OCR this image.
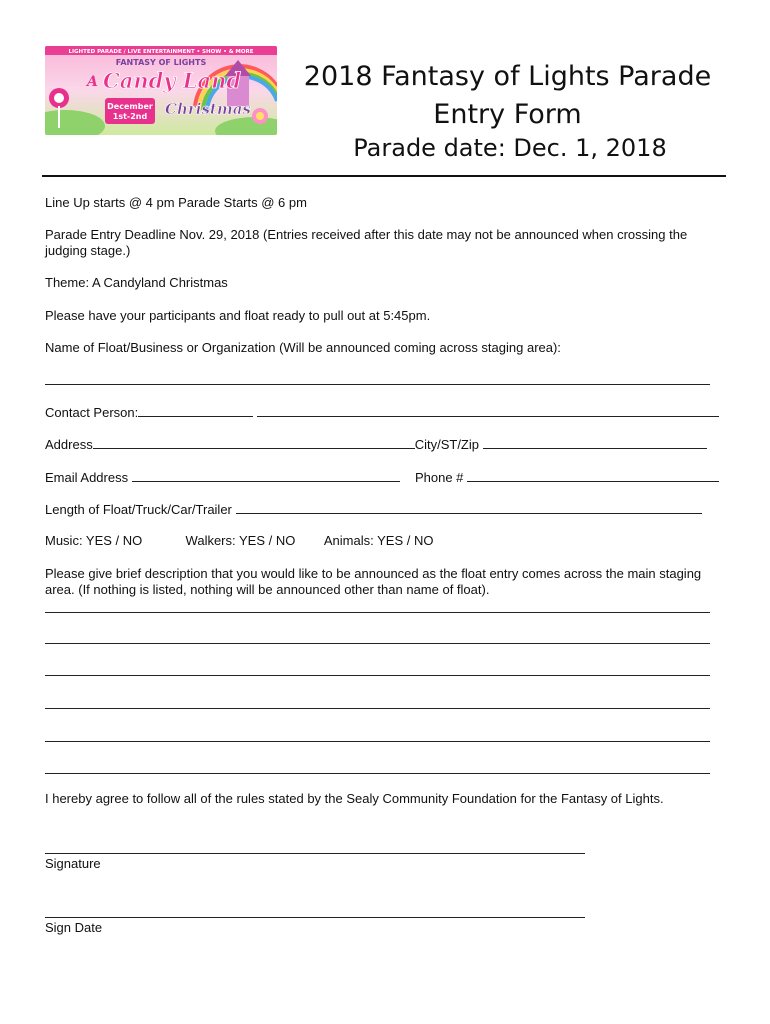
LIGHTED PARADE / LIVE ENTERTAINMENT • SHOW • & MORE
FANTASY OF LIGHTS
A Candy Land
December
1st-2nd Christmas
2018 Fantasy of Lights Parade
Entry Form
Parade date: Dec. 1, 2018
Line Up starts @ 4 pm Parade Starts @ 6 pm
Parade Entry Deadline Nov. 29, 2018 (Entries received after this date may not be announced when crossing the judging stage.)
Theme: A Candyland Christmas
Please have your participants and float ready to pull out at 5:45pm.
Name of Float/Business or Organization (Will be announced coming across staging area):
Contact Person:
Address	City/ST/Zip
Email Address	Phone #
Length of Float/Truck/Car/Trailer
Music: YES / NO	Walkers: YES / NO Animals: YES / NO
Please give brief description that you would like to be announced as the float entry comes across the main staging area. (If nothing is listed, nothing will be announced other than name of float).
I hereby agree to follow all of the rules stated by the Sealy Community Foundation for the Fantasy of Lights.
Signature
Sign Date
